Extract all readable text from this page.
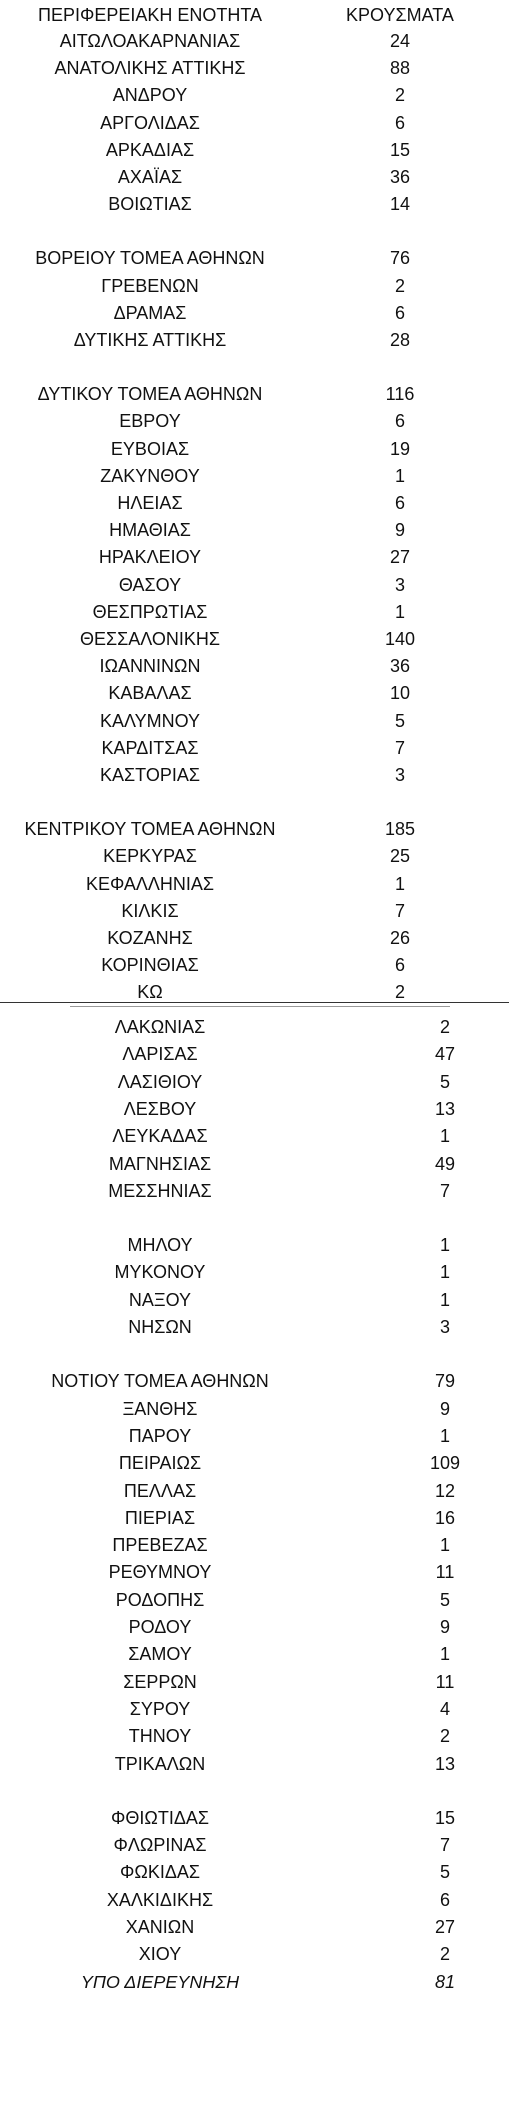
ΠΕΡΙΦΕΡΕΙΑΚΗ ΕΝΟΤΗΤΑ	ΚΡΟΥΣΜΑΤΑ
ΑΙΤΩΛΟΑΚΑΡΝΑΝΙΑΣ	24
ΑΝΑΤΟΛΙΚΗΣ ΑΤΤΙΚΗΣ	88
ΑΝΔΡΟΥ	2
ΑΡΓΟΛΙΔΑΣ	6
ΑΡΚΑΔΙΑΣ	15
ΑΧΑΪΑΣ	36
ΒΟΙΩΤΙΑΣ	14
ΒΟΡΕΙΟΥ ΤΟΜΕΑ ΑΘΗΝΩΝ	76
ΓΡΕΒΕΝΩΝ	2
ΔΡΑΜΑΣ	6
ΔΥΤΙΚΗΣ ΑΤΤΙΚΗΣ	28
ΔΥΤΙΚΟΥ ΤΟΜΕΑ ΑΘΗΝΩΝ	116
ΕΒΡΟΥ	6
ΕΥΒΟΙΑΣ	19
ΖΑΚΥΝΘΟΥ	1
ΗΛΕΙΑΣ	6
ΗΜΑΘΙΑΣ	9
ΗΡΑΚΛΕΙΟΥ	27
ΘΑΣΟΥ	3
ΘΕΣΠΡΩΤΙΑΣ	1
ΘΕΣΣΑΛΟΝΙΚΗΣ	140
ΙΩΑΝΝΙΝΩΝ	36
ΚΑΒΑΛΑΣ	10
ΚΑΛΥΜΝΟΥ	5
ΚΑΡΔΙΤΣΑΣ	7
ΚΑΣΤΟΡΙΑΣ	3
ΚΕΝΤΡΙΚΟΥ ΤΟΜΕΑ ΑΘΗΝΩΝ	185
ΚΕΡΚΥΡΑΣ	25
ΚΕΦΑΛΛΗΝΙΑΣ	1
ΚΙΛΚΙΣ	7
ΚΟΖΑΝΗΣ	26
ΚΟΡΙΝΘΙΑΣ	6
ΚΩ	2
ΛΑΚΩΝΙΑΣ	2
ΛΑΡΙΣΑΣ	47
ΛΑΣΙΘΙΟΥ	5
ΛΕΣΒΟΥ	13
ΛΕΥΚΑΔΑΣ	1
ΜΑΓΝΗΣΙΑΣ	49
ΜΕΣΣΗΝΙΑΣ	7
ΜΗΛΟΥ	1
ΜΥΚΟΝΟΥ	1
ΝΑΞΟΥ	1
ΝΗΣΩΝ	3
ΝΟΤΙΟΥ ΤΟΜΕΑ ΑΘΗΝΩΝ	79
ΞΑΝΘΗΣ	9
ΠΑΡΟΥ	1
ΠΕΙΡΑΙΩΣ	109
ΠΕΛΛΑΣ	12
ΠΙΕΡΙΑΣ	16
ΠΡΕΒΕΖΑΣ	1
ΡΕΘΥΜΝΟΥ	11
ΡΟΔΟΠΗΣ	5
ΡΟΔΟΥ	9
ΣΑΜΟΥ	1
ΣΕΡΡΩΝ	11
ΣΥΡΟΥ	4
ΤΗΝΟΥ	2
ΤΡΙΚΑΛΩΝ	13
ΦΘΙΩΤΙΔΑΣ	15
ΦΛΩΡΙΝΑΣ	7
ΦΩΚΙΔΑΣ	5
ΧΑΛΚΙΔΙΚΗΣ	6
ΧΑΝΙΩΝ	27
ΧΙΟΥ	2
ΥΠΟ ΔΙΕΡΕΥΝΗΣΗ	81
